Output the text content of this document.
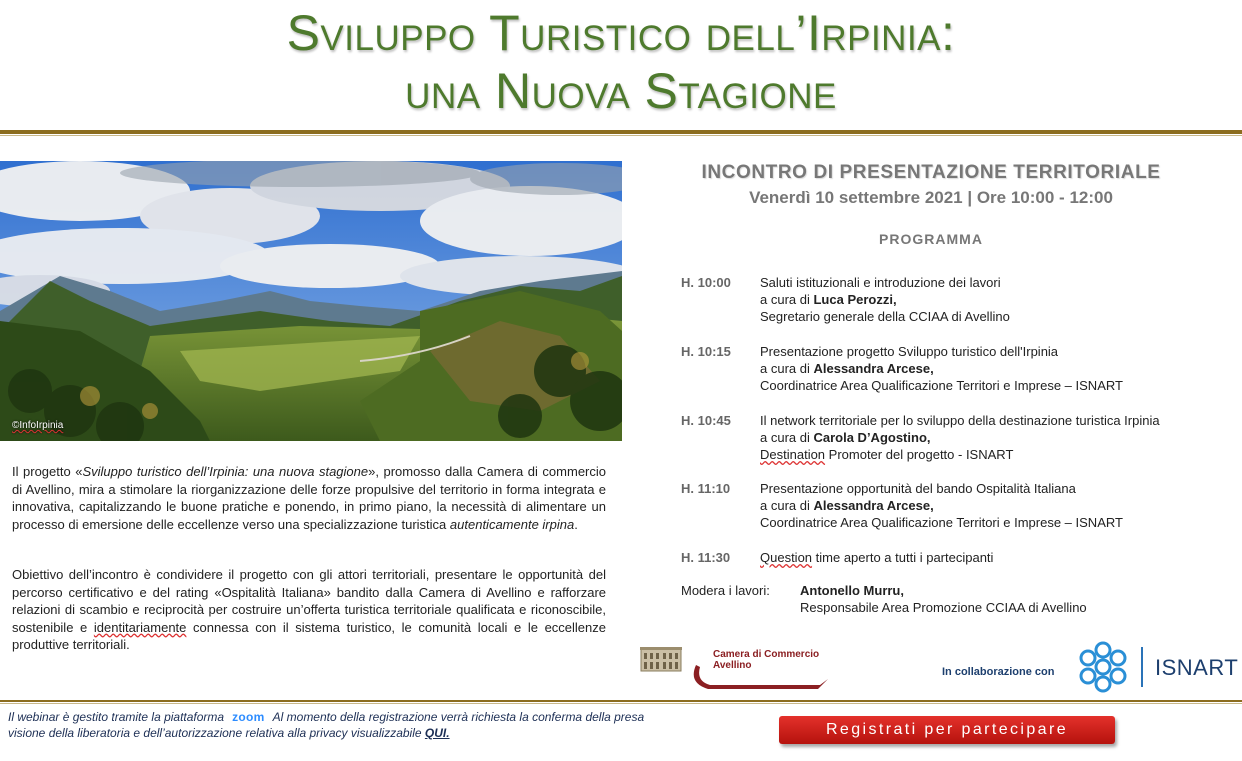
Sviluppo Turistico dell’Irpinia:
una Nuova Stagione
©InfoIrpinia
Il progetto «Sviluppo turistico dell’Irpinia: una nuova stagione», promosso dalla Camera di commercio di Avellino, mira a stimolare la riorganizzazione delle forze propulsive del territorio in forma integrata e innovativa, capitalizzando le buone pratiche e ponendo, in primo piano, la necessità di alimentare un processo di emersione delle eccellenze verso una specializzazione turistica autenticamente irpina.
Obiettivo dell’incontro è condividere il progetto con gli attori territoriali, presentare le opportunità del percorso certificativo e del rating «Ospitalità Italiana» bandito dalla Camera di Avellino e rafforzare relazioni di scambio e reciprocità per costruire un’offerta turistica territoriale qualificata e riconoscibile, sostenibile e identitariamente connessa con il sistema turistico, le comunità locali e le eccellenze produttive territoriali.
INCONTRO DI PRESENTAZIONE TERRITORIALE
Venerdì 10 settembre 2021 | Ore 10:00 - 12:00
PROGRAMMA
H. 10:00	Saluti istituzionali e introduzione dei lavori
a cura di Luca Perozzi,
Segretario generale della CCIAA di Avellino
H. 10:15	Presentazione progetto Sviluppo turistico dell'Irpinia
a cura di Alessandra Arcese,
Coordinatrice Area Qualificazione Territori e Imprese – ISNART
H. 10:45	Il network territoriale per lo sviluppo della destinazione turistica Irpinia
a cura di Carola D’Agostino,
Destination Promoter del progetto - ISNART
H. 11:10	Presentazione opportunità del bando Ospitalità Italiana
a cura di Alessandra Arcese,
Coordinatrice Area Qualificazione Territori e Imprese – ISNART
H. 11:30	Question time aperto a tutti i partecipanti
Modera i lavori:	Antonello Murru,
Responsabile Area Promozione CCIAA di Avellino
Camera di Commercio
Avellino
In collaborazione con	ISNART
Il webinar è gestito tramite la piattaforma zoom Al momento della registrazione verrà richiesta la conferma della presa visione della liberatoria e dell’autorizzazione relativa alla privacy visualizzabile QUI.	Registrati per partecipare
